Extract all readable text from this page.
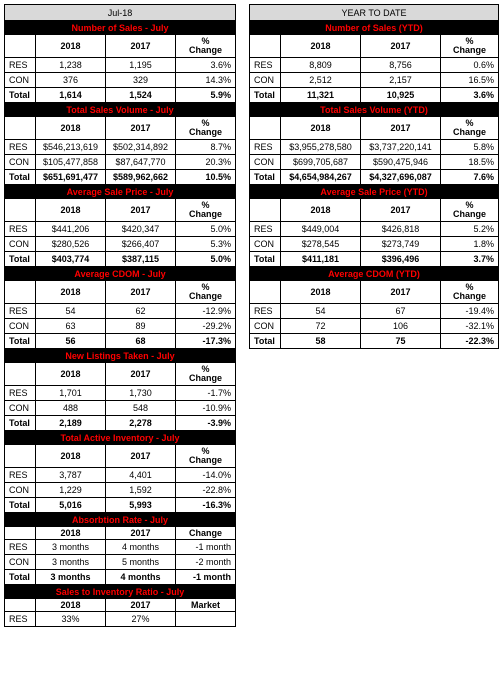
Jul-18			
Number of Sales - July			
	2018	2017	%
Change
RES	1,238	1,195	3.6%
CON	376	329	14.3%
Total	1,614	1,524	5.9%
Total Sales Volume - July			
	2018	2017	%
Change
RES	$546,213,619	$502,314,892	8.7%
CON	$105,477,858	$87,647,770	20.3%
Total	$651,691,477	$589,962,662	10.5%
Average Sale Price - July			
	2018	2017	%
Change
RES	$441,206	$420,347	5.0%
CON	$280,526	$266,407	5.3%
Total	$403,774	$387,115	5.0%
Average CDOM - July			
	2018	2017	%
Change
RES	54	62	-12.9%
CON	63	89	-29.2%
Total	56	68	-17.3%
New Listings Taken - July			
	2018	2017	%
Change
RES	1,701	1,730	-1.7%
CON	488	548	-10.9%
Total	2,189	2,278	-3.9%
Total Active Inventory - July			
	2018	2017	%
Change
RES	3,787	4,401	-14.0%
CON	1,229	1,592	-22.8%
Total	5,016	5,993	-16.3%
Absorbtion Rate - July			
	2018	2017	Change
RES	3 months	4 months	-1 month
CON	3 months	5 months	-2 month
Total	3 months	4 months	-1 month
Sales to Inventory Ratio - July			
	2018	2017	Market
RES	33%	27%	
YEAR TO DATE			
Number of Sales (YTD)			
	2018	2017	%
Change
RES	8,809	8,756	0.6%
CON	2,512	2,157	16.5%
Total	11,321	10,925	3.6%
Total Sales Volume (YTD)			
	2018	2017	%
Change
RES	$3,955,278,580	$3,737,220,141	5.8%
CON	$699,705,687	$590,475,946	18.5%
Total	$4,654,984,267	$4,327,696,087	7.6%
Average Sale Price (YTD)			
	2018	2017	%
Change
RES	$449,004	$426,818	5.2%
CON	$278,545	$273,749	1.8%
Total	$411,181	$396,496	3.7%
Average CDOM (YTD)			
	2018	2017	%
Change
RES	54	67	-19.4%
CON	72	106	-32.1%
Total	58	75	-22.3%
